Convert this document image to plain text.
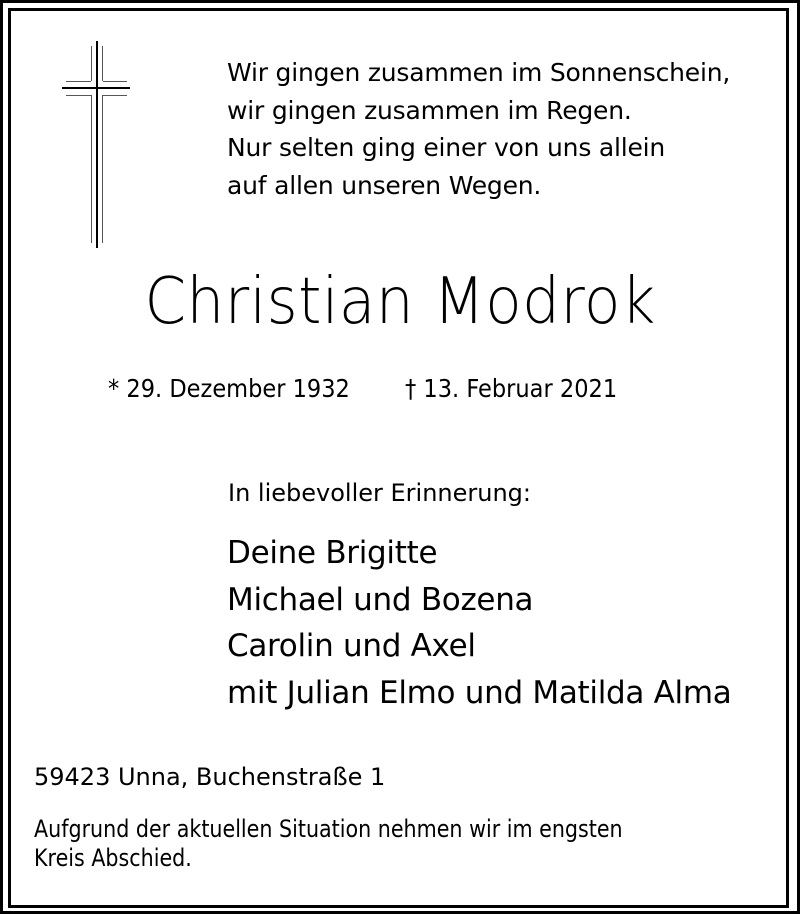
Wir gingen zusammen im Sonnenschein,
wir gingen zusammen im Regen.
Nur selten ging einer von uns allein
auf allen unseren Wegen.
Christian Modrok
* 29. Dezember 1932 † 13. Februar 2021
In liebevoller Erinnerung:
Deine Brigitte
Michael und Bozena
Carolin und Axel
mit Julian Elmo und Matilda Alma
59423 Unna, Buchenstraße 1
Aufgrund der aktuellen Situation nehmen wir im engsten
Kreis Abschied.
